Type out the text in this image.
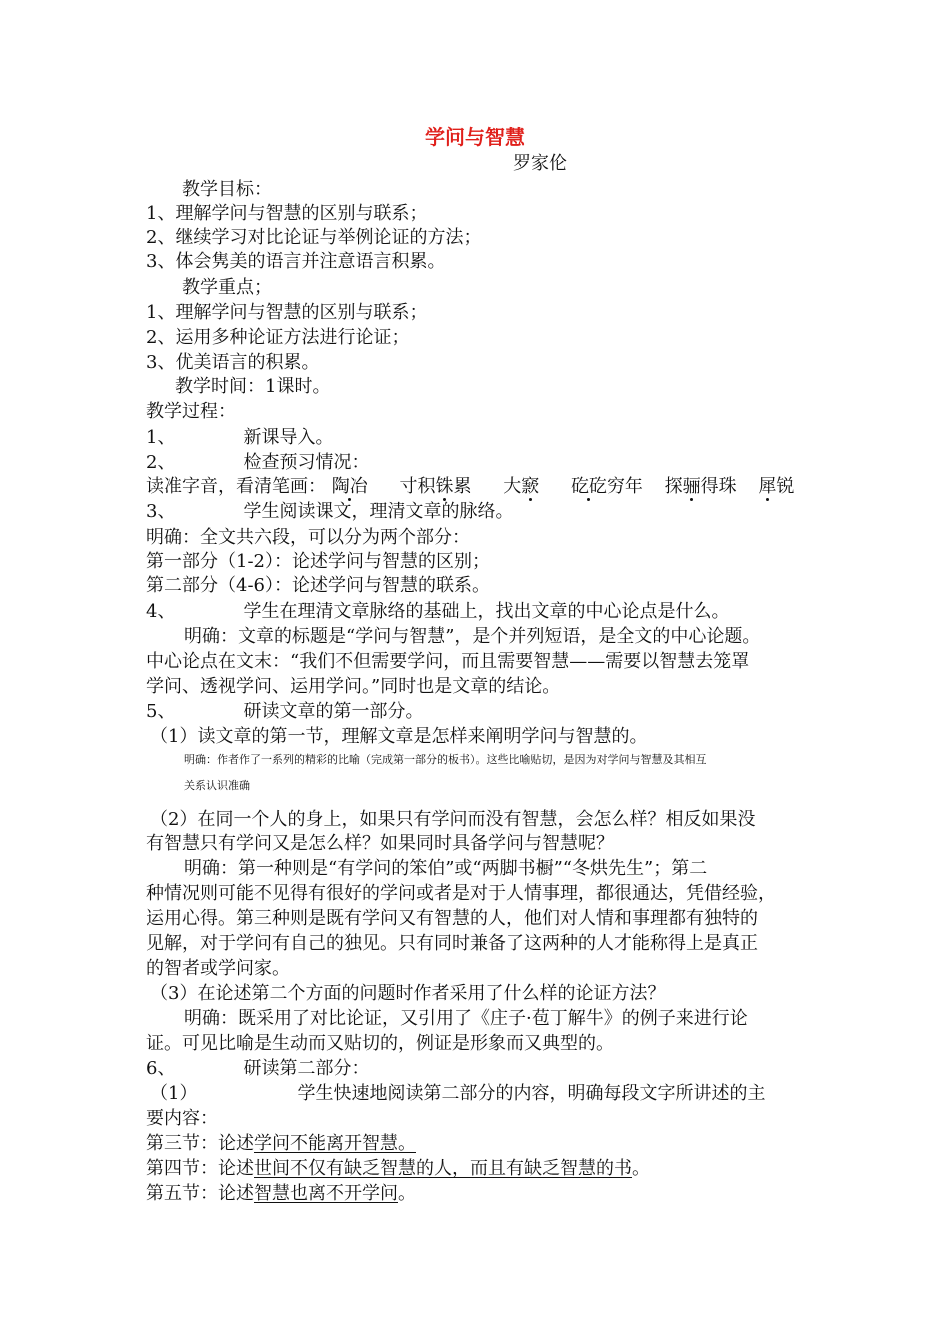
学问与智慧
罗家伦
教学目标：
1、理解学问与智慧的区别与联系；
2、继续学习对比论证与举例论证的方法；
3、体会隽美的语言并注意语言积累。
教学重点；
1、理解学问与智慧的区别与联系；
2、运用多种论证方法进行论证；
3、优美语言的积累。
教学时间：1课时。
教学过程：
1、	新课导入。
2、	检查预习情况：
读准字音，看清笔画： 陶冶 寸积铢累 大窾 矻矻穷年 探骊得珠 犀锐
3、	学生阅读课文，理清文章的脉络。
明确：全文共六段，可以分为两个部分：
第一部分（1-2）：论述学问与智慧的区别；
第二部分（4-6）：论述学问与智慧的联系。
4、	学生在理清文章脉络的基础上，找出文章的中心论点是什么。
明确：文章的标题是“学问与智慧”，是个并列短语，是全文的中心论题。
中心论点在文末：“我们不但需要学问，而且需要智慧——需要以智慧去笼罩
学问、透视学问、运用学问。”同时也是文章的结论。
5、	研读文章的第一部分。
（1）读文章的第一节，理解文章是怎样来阐明学问与智慧的。
明确：作者作了一系列的精彩的比喻（完成第一部分的板书）。这些比喻贴切，是因为对学问与智慧及其相互
关系认识准确
（2）在同一个人的身上，如果只有学问而没有智慧，会怎么样？相反如果没
有智慧只有学问又是怎么样？如果同时具备学问与智慧呢？
明确：第一种则是“有学问的笨伯”或“两脚书橱”“冬烘先生”；第二
种情况则可能不见得有很好的学问或者是对于人情事理，都很通达，凭借经验，
运用心得。第三种则是既有学问又有智慧的人，他们对人情和事理都有独特的
见解，对于学问有自己的独见。只有同时兼备了这两种的人才能称得上是真正
的智者或学问家。
（3）在论述第二个方面的问题时作者采用了什么样的论证方法？
明确：既采用了对比论证，又引用了《庄子·苞丁解牛》的例子来进行论
证。可见比喻是生动而又贴切的，例证是形象而又典型的。
6、	研读第二部分：
（1）	学生快速地阅读第二部分的内容，明确每段文字所讲述的主
要内容：
第三节：论述学问不能离开智慧。
第四节：论述世间不仅有缺乏智慧的人，而且有缺乏智慧的书。
第五节：论述智慧也离不开学问。
